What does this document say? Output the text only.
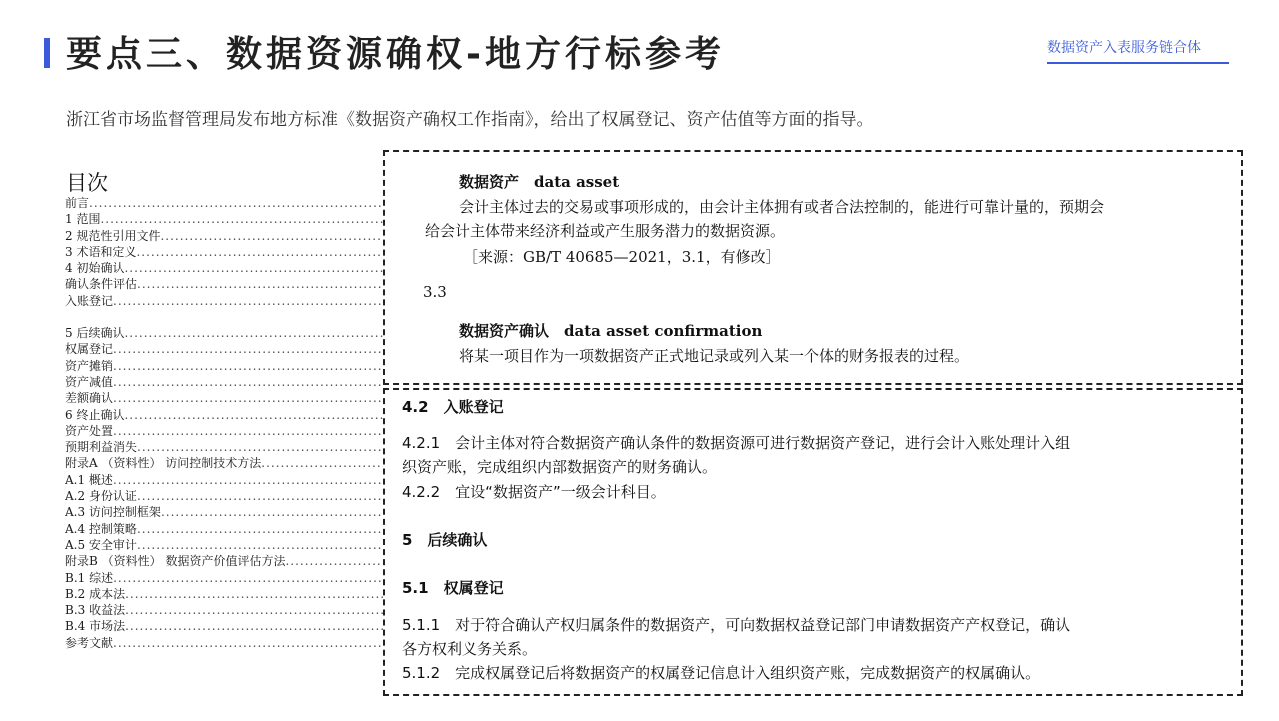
要点三、数据资源确权-地方行标参考	数据资产入表服务链合体
浙江省市场监督管理局发布地方标准《数据资产确权工作指南》，给出了权属登记、资产估值等方面的指导。
目次
前言
.....
1 范围
.....
2 规范性引用文件
.....
3 术语和定义
.....
4 初始确认
.....
确认条件评估
.....
入账登记
.....
5 后续确认
.....
权属登记
.....
资产摊销
.....
资产减值
.....
差额确认
.....
6 终止确认
.....
资产处置
.....
预期利益消失
.....
附录A （资料性） 访问控制技术方法
.....
A.1 概述
.....
A.2 身份认证
.....
A.3 访问控制框架
.....
A.4 控制策略
.....
A.5 安全审计
.....
附录B （资料性） 数据资产价值评估方法
.....
B.1 综述
.....
B.2 成本法
.....
B.3 收益法
.....
B.4 市场法
.....
参考文献
.....
数据资产　data asset
会计主体过去的交易或事项形成的，由会计主体拥有或者合法控制的，能进行可靠计量的，预期会
给会计主体带来经济利益或产生服务潜力的数据资源。
［来源：GB/T 40685—2021，3.1，有修改］
3.3
数据资产确认　data asset confirmation
将某一项目作为一项数据资产正式地记录或列入某一个体的财务报表的过程。
4.2　入账登记
4.2.1　会计主体对符合数据资产确认条件的数据资源可进行数据资产登记，进行会计入账处理计入组
织资产账，完成组织内部数据资产的财务确认。
4.2.2　宜设“数据资产”一级会计科目。
5　后续确认
5.1　权属登记
5.1.1　对于符合确认产权归属条件的数据资产，可向数据权益登记部门申请数据资产产权登记，确认
各方权利义务关系。
5.1.2　完成权属登记后将数据资产的权属登记信息计入组织资产账，完成数据资产的权属确认。
